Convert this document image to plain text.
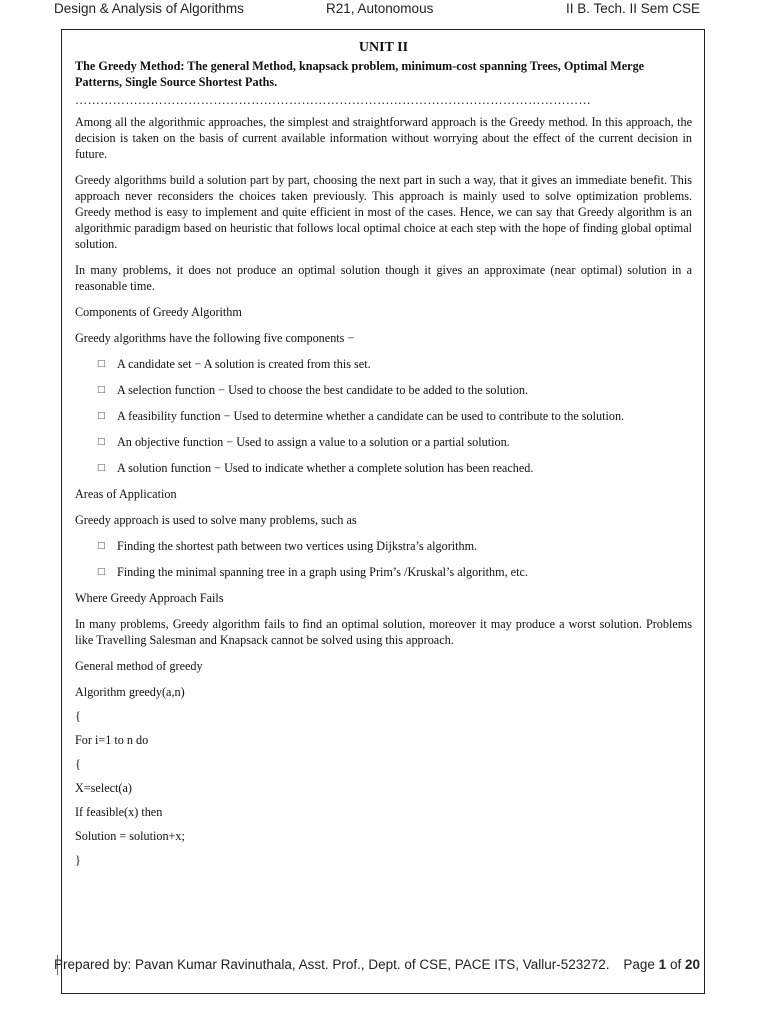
Design & Analysis of Algorithms	R21, Autonomous	II B. Tech. II Sem CSE
UNIT II
The Greedy Method: The general Method, knapsack problem, minimum-cost spanning Trees, Optimal Merge Patterns, Single Source Shortest Paths.
……………………………………………………………………………………………………………

Among all the algorithmic approaches, the simplest and straightforward approach is the Greedy method. In this approach, the decision is taken on the basis of current available information without worrying about the effect of the current decision in future.

Greedy algorithms build a solution part by part, choosing the next part in such a way, that it gives an immediate benefit. This approach never reconsiders the choices taken previously. This approach is mainly used to solve optimization problems. Greedy method is easy to implement and quite efficient in most of the cases. Hence, we can say that Greedy algorithm is an algorithmic paradigm based on heuristic that follows local optimal choice at each step with the hope of finding global optimal solution.

In many problems, it does not produce an optimal solution though it gives an approximate (near optimal) solution in a reasonable time.

Components of Greedy Algorithm

Greedy algorithms have the following five components −

□ A candidate set − A solution is created from this set.
□ A selection function − Used to choose the best candidate to be added to the solution.
□ A feasibility function − Used to determine whether a candidate can be used to contribute to the solution.
□ An objective function − Used to assign a value to a solution or a partial solution.
□ A solution function − Used to indicate whether a complete solution has been reached.

Areas of Application

Greedy approach is used to solve many problems, such as

□ Finding the shortest path between two vertices using Dijkstra’s algorithm.
□ Finding the minimal spanning tree in a graph using Prim’s /Kruskal’s algorithm, etc.

Where Greedy Approach Fails

In many problems, Greedy algorithm fails to find an optimal solution, moreover it may produce a worst solution. Problems like Travelling Salesman and Knapsack cannot be solved using this approach.

General method of greedy

Algorithm greedy(a,n)

{

For i=1 to n do

{

X=select(a)

If feasible(x) then

Solution = solution+x;

}

Prepared by: Pavan Kumar Ravinuthala, Asst. Prof., Dept. of CSE, PACE ITS, Vallur-523272. Page 1 of 20
